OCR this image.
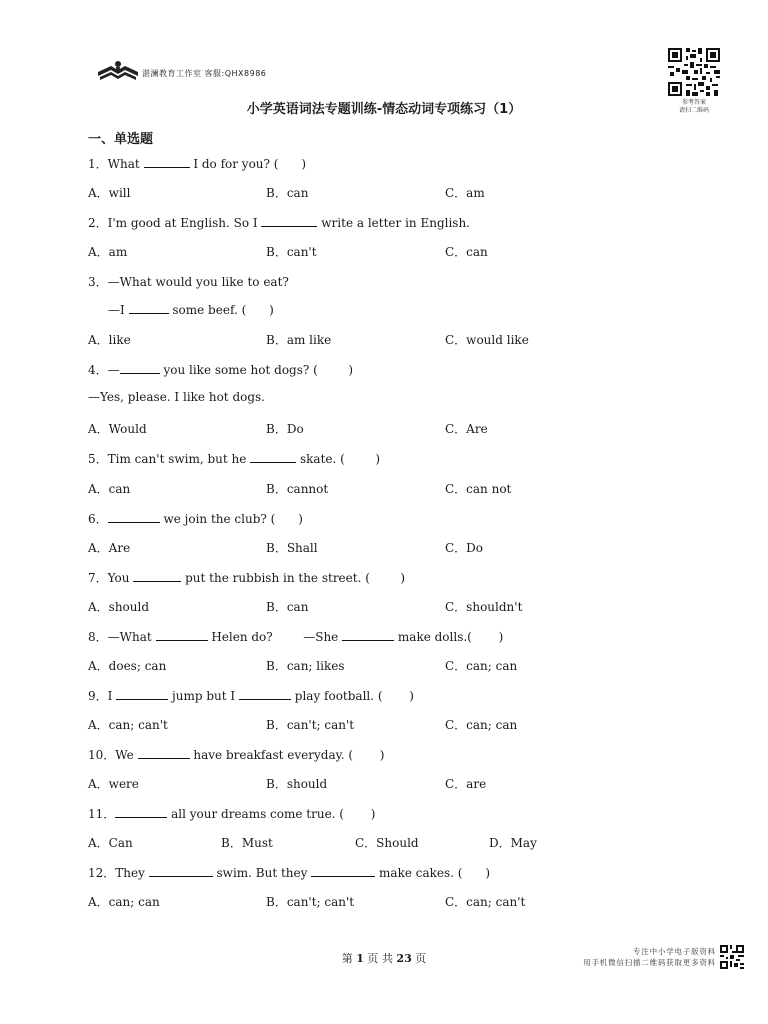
湛澜教育工作室 客服:QHX8986
参考答案
请扫二维码
小学英语词法专题训练-情态动词专项练习（1）
一、单选题
1．What	I do for you? (      )
A．will	B．can	C．am
2．I'm good at English. So I	write a letter in English.
A．am	B．can't	C．can
3．—What would you like to eat?
—I	some beef. (      )
A．like	B．am like	C．would like
4．—	you like some hot dogs? (        )
—Yes, please. I like hot dogs.
A．Would	B．Do	C．Are
5．Tim can't swim, but he	skate. (        )
A．can	B．cannot	C．can not
6．	we join the club? (      )
A．Are	B．Shall	C．Do
7．You	put the rubbish in the street. (        )
A．should	B．can	C．shouldn't
8．—What	Helen do?        —She	make dolls.(       )
A．does; can	B．can; likes	C．can; can
9．I	jump but I	play football. (       )
A．can; can't	B．can't; can't	C．can; can
10．We	have breakfast everyday. (       )
A．were	B．should	C．are
11．	all your dreams come true. (       )
A．Can	B．Must	C．Should	D．May
12．They	swim. But they	make cakes. (      )
A．can; can	B．can't; can't	C．can; can't
第 1 页 共 23 页
专注中小学电子版资料
用手机微信扫描二维码获取更多资料
